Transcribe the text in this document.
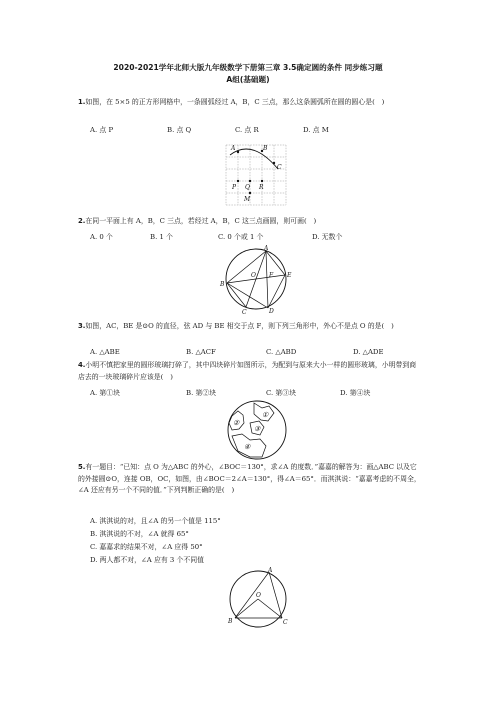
2020-2021学年北师大版九年级数学下册第三章 3.5确定圆的条件 同步练习题
A组(基础题)
1.如图，在 5×5 的正方形网格中，一条圆弧经过 A，B，C 三点，那么这条圆弧所在圆的圆心是(　)
A. 点 P	B. 点 Q	C. 点 R	D. 点 M
A	B
C
P Q R
M
2.在同一平面上有 A，B，C 三点，若经过 A，B，C 这三点画圆，则可画(　)
A. 0 个	B. 1 个	C. 0 个或 1 个	D. 无数个
A
B
C	D
E
O F
3.如图，AC，BE 是⊙O 的直径，弦 AD 与 BE 相交于点 F，则下列三角形中，外心不是点 O 的是(　)
A. △ABE	B. △ACF	C. △ABD	D. △ADE
4.小明不慎把家里的圆形玻璃打碎了，其中四块碎片如图所示，为配到与原来大小一样的圆形玻璃，小明带到商店去的一块玻璃碎片应该是(　)
A. 第①块	B. 第②块	C. 第③块	D. 第④块
①
②
③
④
5.有一题目：“已知：点 O 为△ABC 的外心，∠BOC＝130°，求∠A 的度数．”嘉嘉的解答为：画△ABC 以及它的外接圆⊙O，连接 OB，OC，如图，由∠BOC＝2∠A＝130°，得∠A＝65°．而淇淇说：“嘉嘉考虑的不周全，∠A 还应有另一个不同的值．”下列判断正确的是(　)
A. 淇淇说的对，且∠A 的另一个值是 115°
B. 淇淇说的不对，∠A 就得 65°
C. 嘉嘉求的结果不对，∠A 应得 50°
D. 两人都不对，∠A 应有 3 个不同值
A
B	C
O
